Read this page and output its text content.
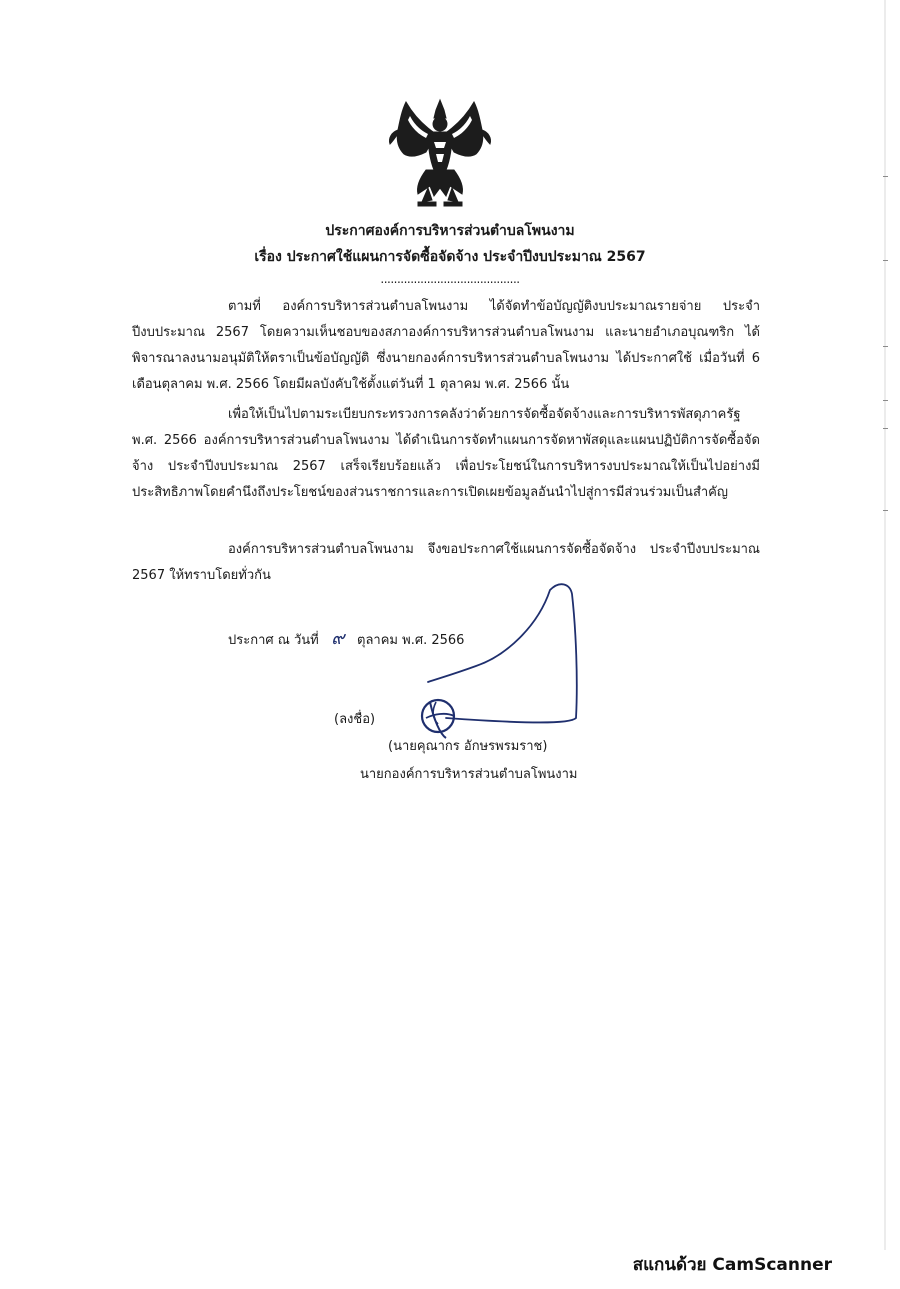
ประกาศองค์การบริหารส่วนตำบลโพนงาม
เรื่อง ประกาศใช้แผนการจัดซื้อจัดจ้าง ประจำปีงบประมาณ 2567
..........................................
ตามที่ องค์การบริหารส่วนตำบลโพนงาม ได้จัดทำข้อบัญญัติงบประมาณรายจ่าย ประจำปีงบประมาณ 2567 โดยความเห็นชอบของสภาองค์การบริหารส่วนตำบลโพนงาม และนายอำเภอบุณฑริก ได้พิจารณาลงนามอนุมัติให้ตราเป็นข้อบัญญัติ ซึ่งนายกองค์การบริหารส่วนตำบลโพนงาม ได้ประกาศใช้ เมื่อวันที่ 6 เดือนตุลาคม พ.ศ. 2566 โดยมีผลบังคับใช้ตั้งแต่วันที่ 1 ตุลาคม พ.ศ. 2566 นั้น
เพื่อให้เป็นไปตามระเบียบกระทรวงการคลังว่าด้วยการจัดซื้อจัดจ้างและการบริหารพัสดุภาครัฐ พ.ศ. 2566 องค์การบริหารส่วนตำบลโพนงาม ได้ดำเนินการจัดทำแผนการจัดหาพัสดุและแผนปฏิบัติการจัดซื้อจัดจ้าง ประจำปีงบประมาณ 2567 เสร็จเรียบร้อยแล้ว เพื่อประโยชน์ในการบริหารงบประมาณให้เป็นไปอย่างมีประสิทธิภาพโดยคำนึงถึงประโยชน์ของส่วนราชการและการเปิดเผยข้อมูลอันนำไปสู่การมีส่วนร่วมเป็นสำคัญ
องค์การบริหารส่วนตำบลโพนงาม จึงขอประกาศใช้แผนการจัดซื้อจัดจ้าง ประจำปีงบประมาณ 2567 ให้ทราบโดยทั่วกัน
ประกาศ ณ วันที่ ๙ ตุลาคม พ.ศ. 2566
(ลงชื่อ)
(นายคุณากร อักษรพรมราช)
นายกองค์การบริหารส่วนตำบลโพนงาม
สแกนด้วย CamScanner
